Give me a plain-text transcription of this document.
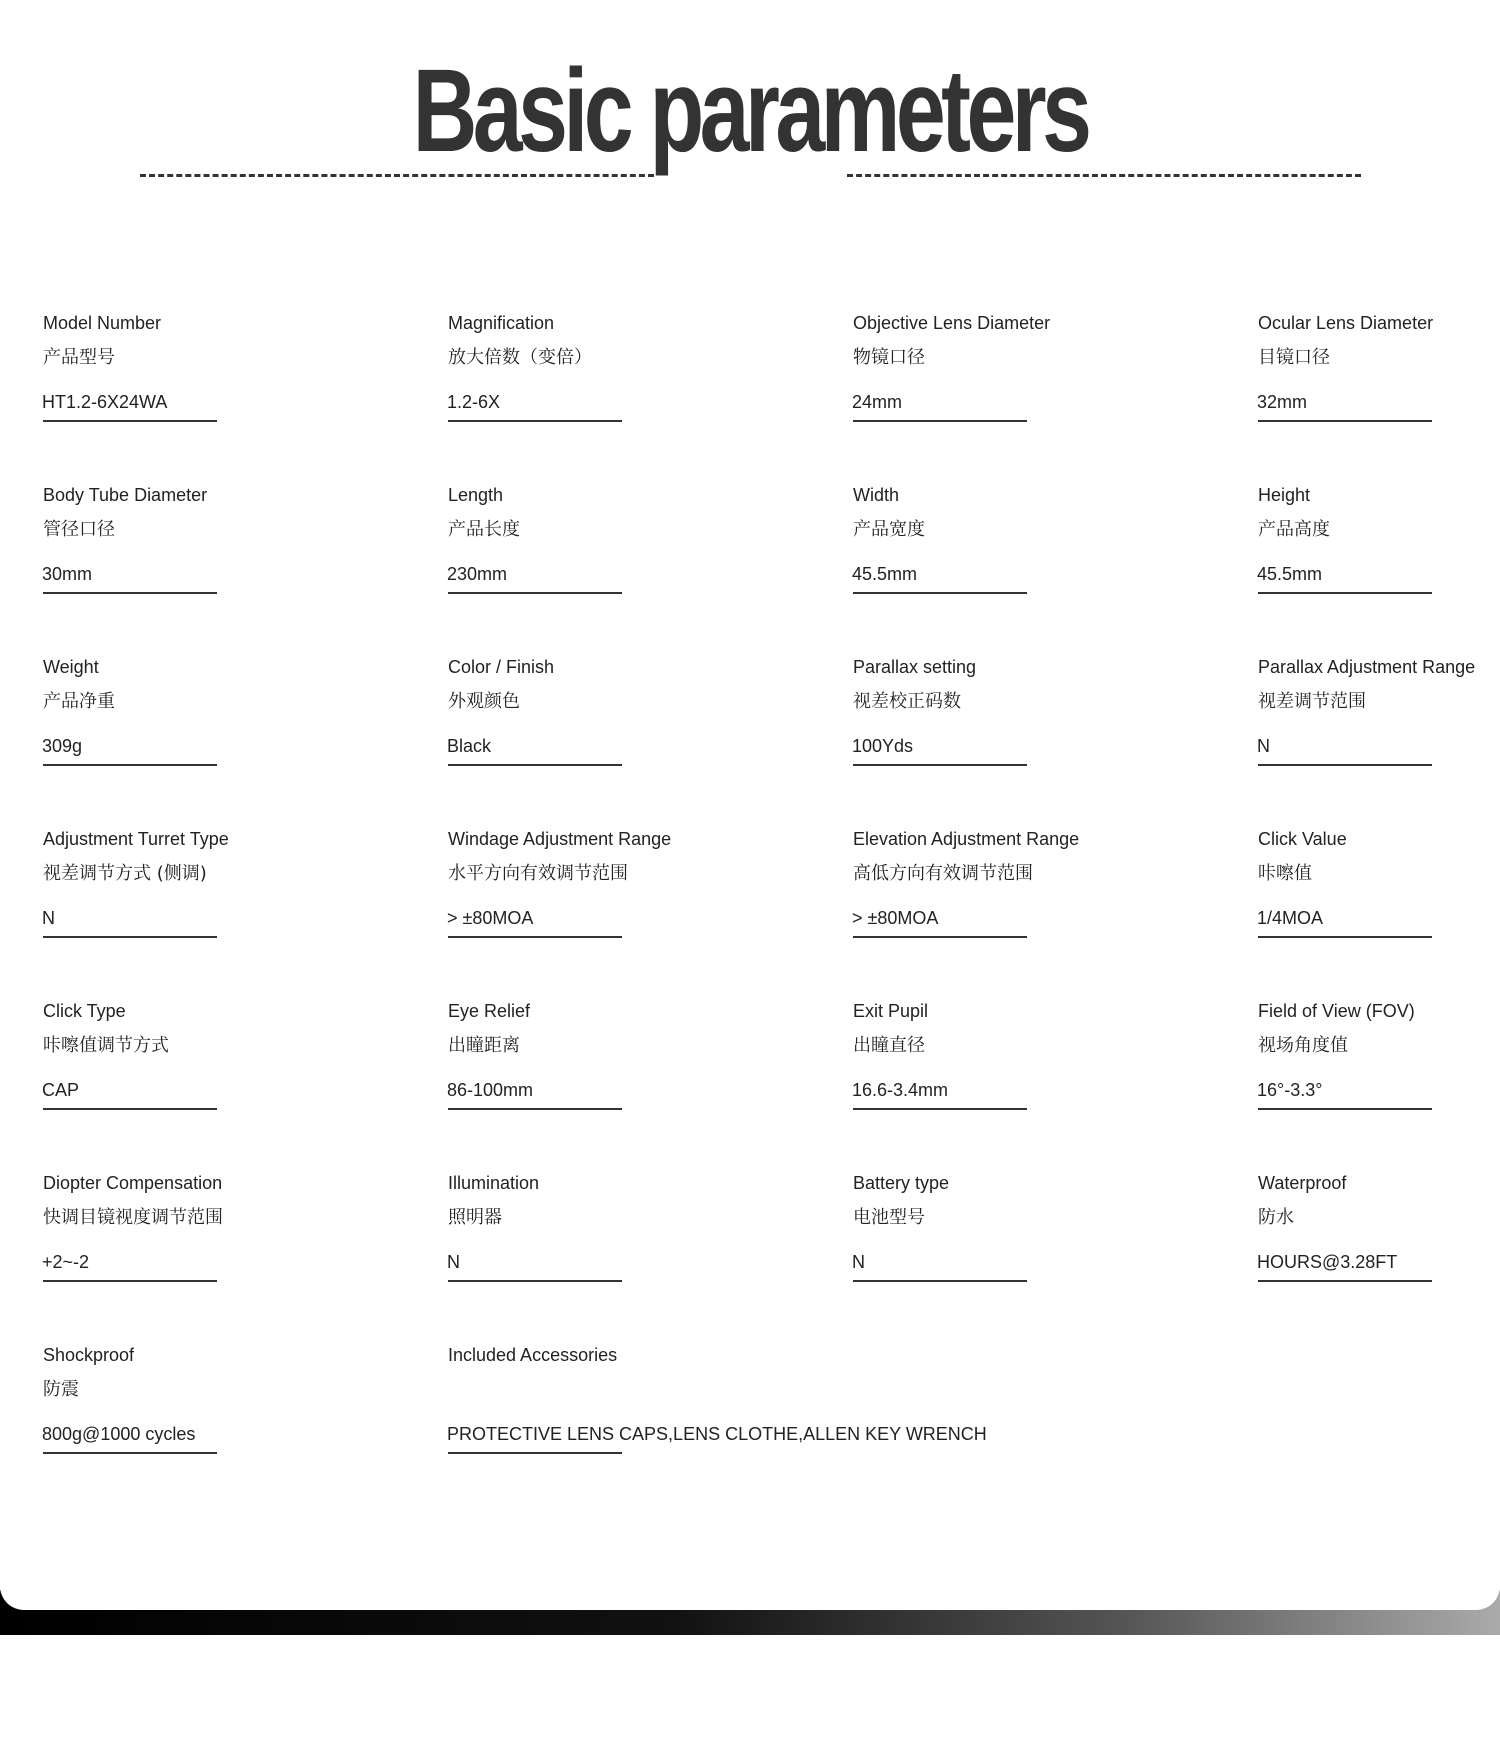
Basic parameters
Model Number
产品型号
HT1.2-6X24WA
Magnification
放大倍数（变倍）
1.2-6X
Objective Lens Diameter
物镜口径
24mm
Ocular Lens Diameter
目镜口径
32mm
Body Tube Diameter
管径口径
30mm
Length
产品长度
230mm
Width
产品宽度
45.5mm
Height
产品高度
45.5mm
Weight
产品净重
309g
Color / Finish
外观颜色
Black
Parallax setting
视差校正码数
100Yds
Parallax Adjustment Range
视差调节范围
N
Adjustment Turret Type
视差调节方式 (侧调)
N
Windage Adjustment Range
水平方向有效调节范围
> ±80MOA
Elevation Adjustment Range
高低方向有效调节范围
> ±80MOA
Click Value
咔嚓值
1/4MOA
Click Type
咔嚓值调节方式
CAP
Eye Relief
出瞳距离
86-100mm
Exit Pupil
出瞳直径
16.6-3.4mm
Field of View (FOV)
视场角度值
16°-3.3°
Diopter Compensation
快调目镜视度调节范围
+2~-2
Illumination
照明器
N
Battery type
电池型号
N
Waterproof
防水
HOURS@3.28FT
Shockproof
防震
800g@1000 cycles
Included Accessories
PROTECTIVE LENS CAPS,LENS CLOTHE,ALLEN KEY WRENCH
